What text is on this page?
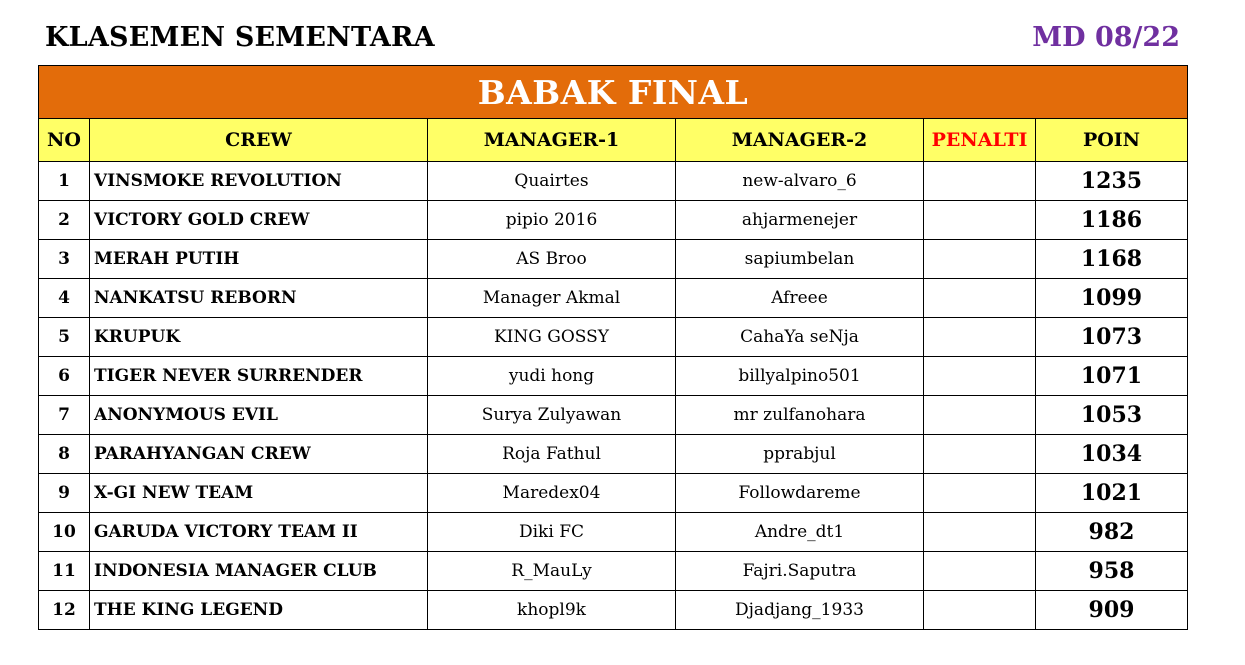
KLASEMEN SEMENTARA	MD 08/22
BABAK FINAL					
NO	CREW	MANAGER-1	MANAGER-2	PENALTI	POIN
1	VINSMOKE REVOLUTION	Quairtes	new-alvaro_6		1235
2	VICTORY GOLD CREW	pipio 2016	ahjarmenejer		1186
3	MERAH PUTIH	AS Broo	sapiumbelan		1168
4	NANKATSU REBORN	Manager Akmal	Afreee		1099
5	KRUPUK	KING GOSSY	CahaYa seNja		1073
6	TIGER NEVER SURRENDER	yudi hong	billyalpino501		1071
7	ANONYMOUS EVIL	Surya Zulyawan	mr zulfanohara		1053
8	PARAHYANGAN CREW	Roja Fathul	pprabjul		1034
9	X-GI NEW TEAM	Maredex04	Followdareme		1021
10	GARUDA VICTORY TEAM II	Diki FC	Andre_dt1		982
11	INDONESIA MANAGER CLUB	R_MauLy	Fajri.Saputra		958
12	THE KING LEGEND	khopl9k	Djadjang_1933		909
